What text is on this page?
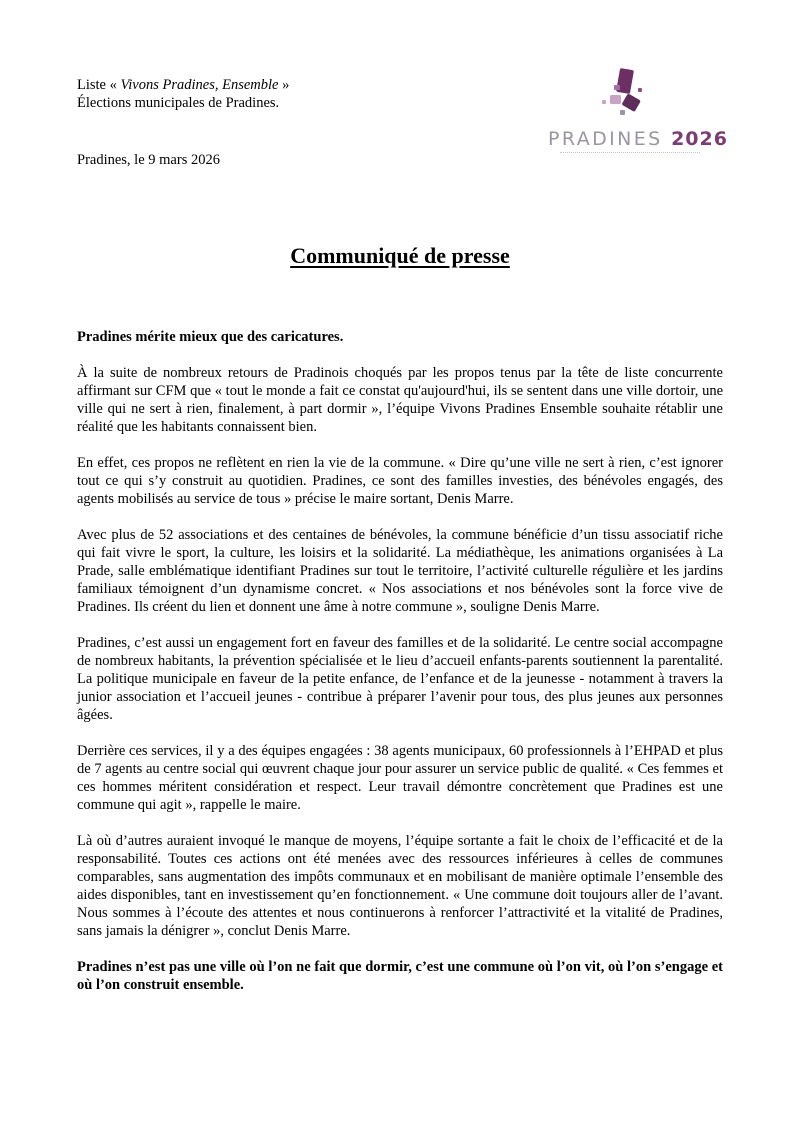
Liste « Vivons Pradines, Ensemble »
Élections municipales de Pradines.
PRADINES 2026
Pradines, le 9 mars 2026
Communiqué de presse

Pradines mérite mieux que des caricatures.

À la suite de nombreux retours de Pradinois choqués par les propos tenus par la tête de liste concurrente affirmant sur CFM que « tout le monde a fait ce constat qu'aujourd'hui, ils se sentent dans une ville dortoir, une ville qui ne sert à rien, finalement, à part dormir », l’équipe Vivons Pradines Ensemble souhaite rétablir une réalité que les habitants connaissent bien.

En effet, ces propos ne reflètent en rien la vie de la commune. « Dire qu’une ville ne sert à rien, c’est ignorer tout ce qui s’y construit au quotidien. Pradines, ce sont des familles investies, des bénévoles engagés, des agents mobilisés au service de tous » précise le maire sortant, Denis Marre.

Avec plus de 52 associations et des centaines de bénévoles, la commune bénéficie d’un tissu associatif riche qui fait vivre le sport, la culture, les loisirs et la solidarité. La médiathèque, les animations organisées à La Prade, salle emblématique identifiant Pradines sur tout le territoire, l’activité culturelle régulière et les jardins familiaux témoignent d’un dynamisme concret. « Nos associations et nos bénévoles sont la force vive de Pradines. Ils créent du lien et donnent une âme à notre commune », souligne Denis Marre.

Pradines, c’est aussi un engagement fort en faveur des familles et de la solidarité. Le centre social accompagne de nombreux habitants, la prévention spécialisée et le lieu d’accueil enfants-parents soutiennent la parentalité. La politique municipale en faveur de la petite enfance, de l’enfance et de la jeunesse - notamment à travers la junior association et l’accueil jeunes - contribue à préparer l’avenir pour tous, des plus jeunes aux personnes âgées.

Derrière ces services, il y a des équipes engagées : 38 agents municipaux, 60 professionnels à l’EHPAD et plus de 7 agents au centre social qui œuvrent chaque jour pour assurer un service public de qualité. « Ces femmes et ces hommes méritent considération et respect. Leur travail démontre concrètement que Pradines est une commune qui agit », rappelle le maire.

Là où d’autres auraient invoqué le manque de moyens, l’équipe sortante a fait le choix de l’efficacité et de la responsabilité. Toutes ces actions ont été menées avec des ressources inférieures à celles de communes comparables, sans augmentation des impôts communaux et en mobilisant de manière optimale l’ensemble des aides disponibles, tant en investissement qu’en fonctionnement. « Une commune doit toujours aller de l’avant. Nous sommes à l’écoute des attentes et nous continuerons à renforcer l’attractivité et la vitalité de Pradines, sans jamais la dénigrer », conclut Denis Marre.

Pradines n’est pas une ville où l’on ne fait que dormir, c’est une commune où l’on vit, où l’on s’engage et où l’on construit ensemble.
